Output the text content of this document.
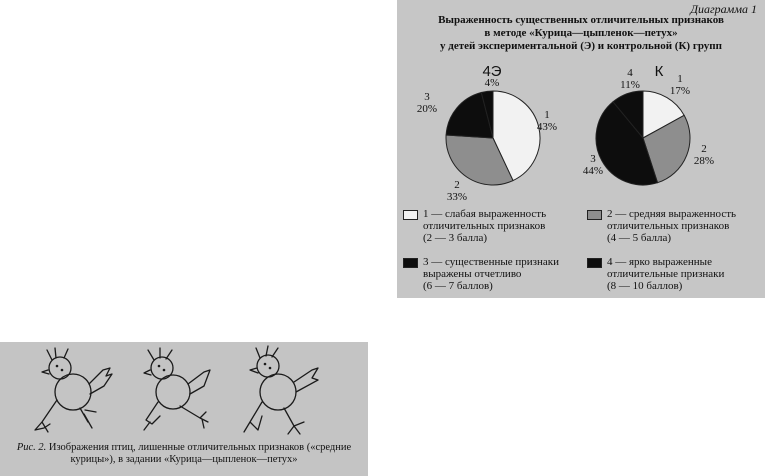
Диаграмма 1
Выраженность существенных отличительных признаков
в методе «Курица—цыпленок—петух»
у детей экспериментальной (Э) и контрольной (К) групп
4Э
1 43%
2 33%
3 20%
4%
К	1 17%
2 28%
3 44%
4 11%
1 — слабая выраженность
отличительных признаков
(2 — 3 балла)
2 — средняя выраженность
отличительных признаков
(4 — 5 балла)
3 — существенные признаки
выражены отчетливо
(6 — 7 баллов)
4 — ярко выраженные
отличительные признаки
(8 — 10 баллов)
Рис. 2. Изображения птиц, лишенные отличительных признаков («средние
курицы»), в задании «Курица—цыпленок—петух»
